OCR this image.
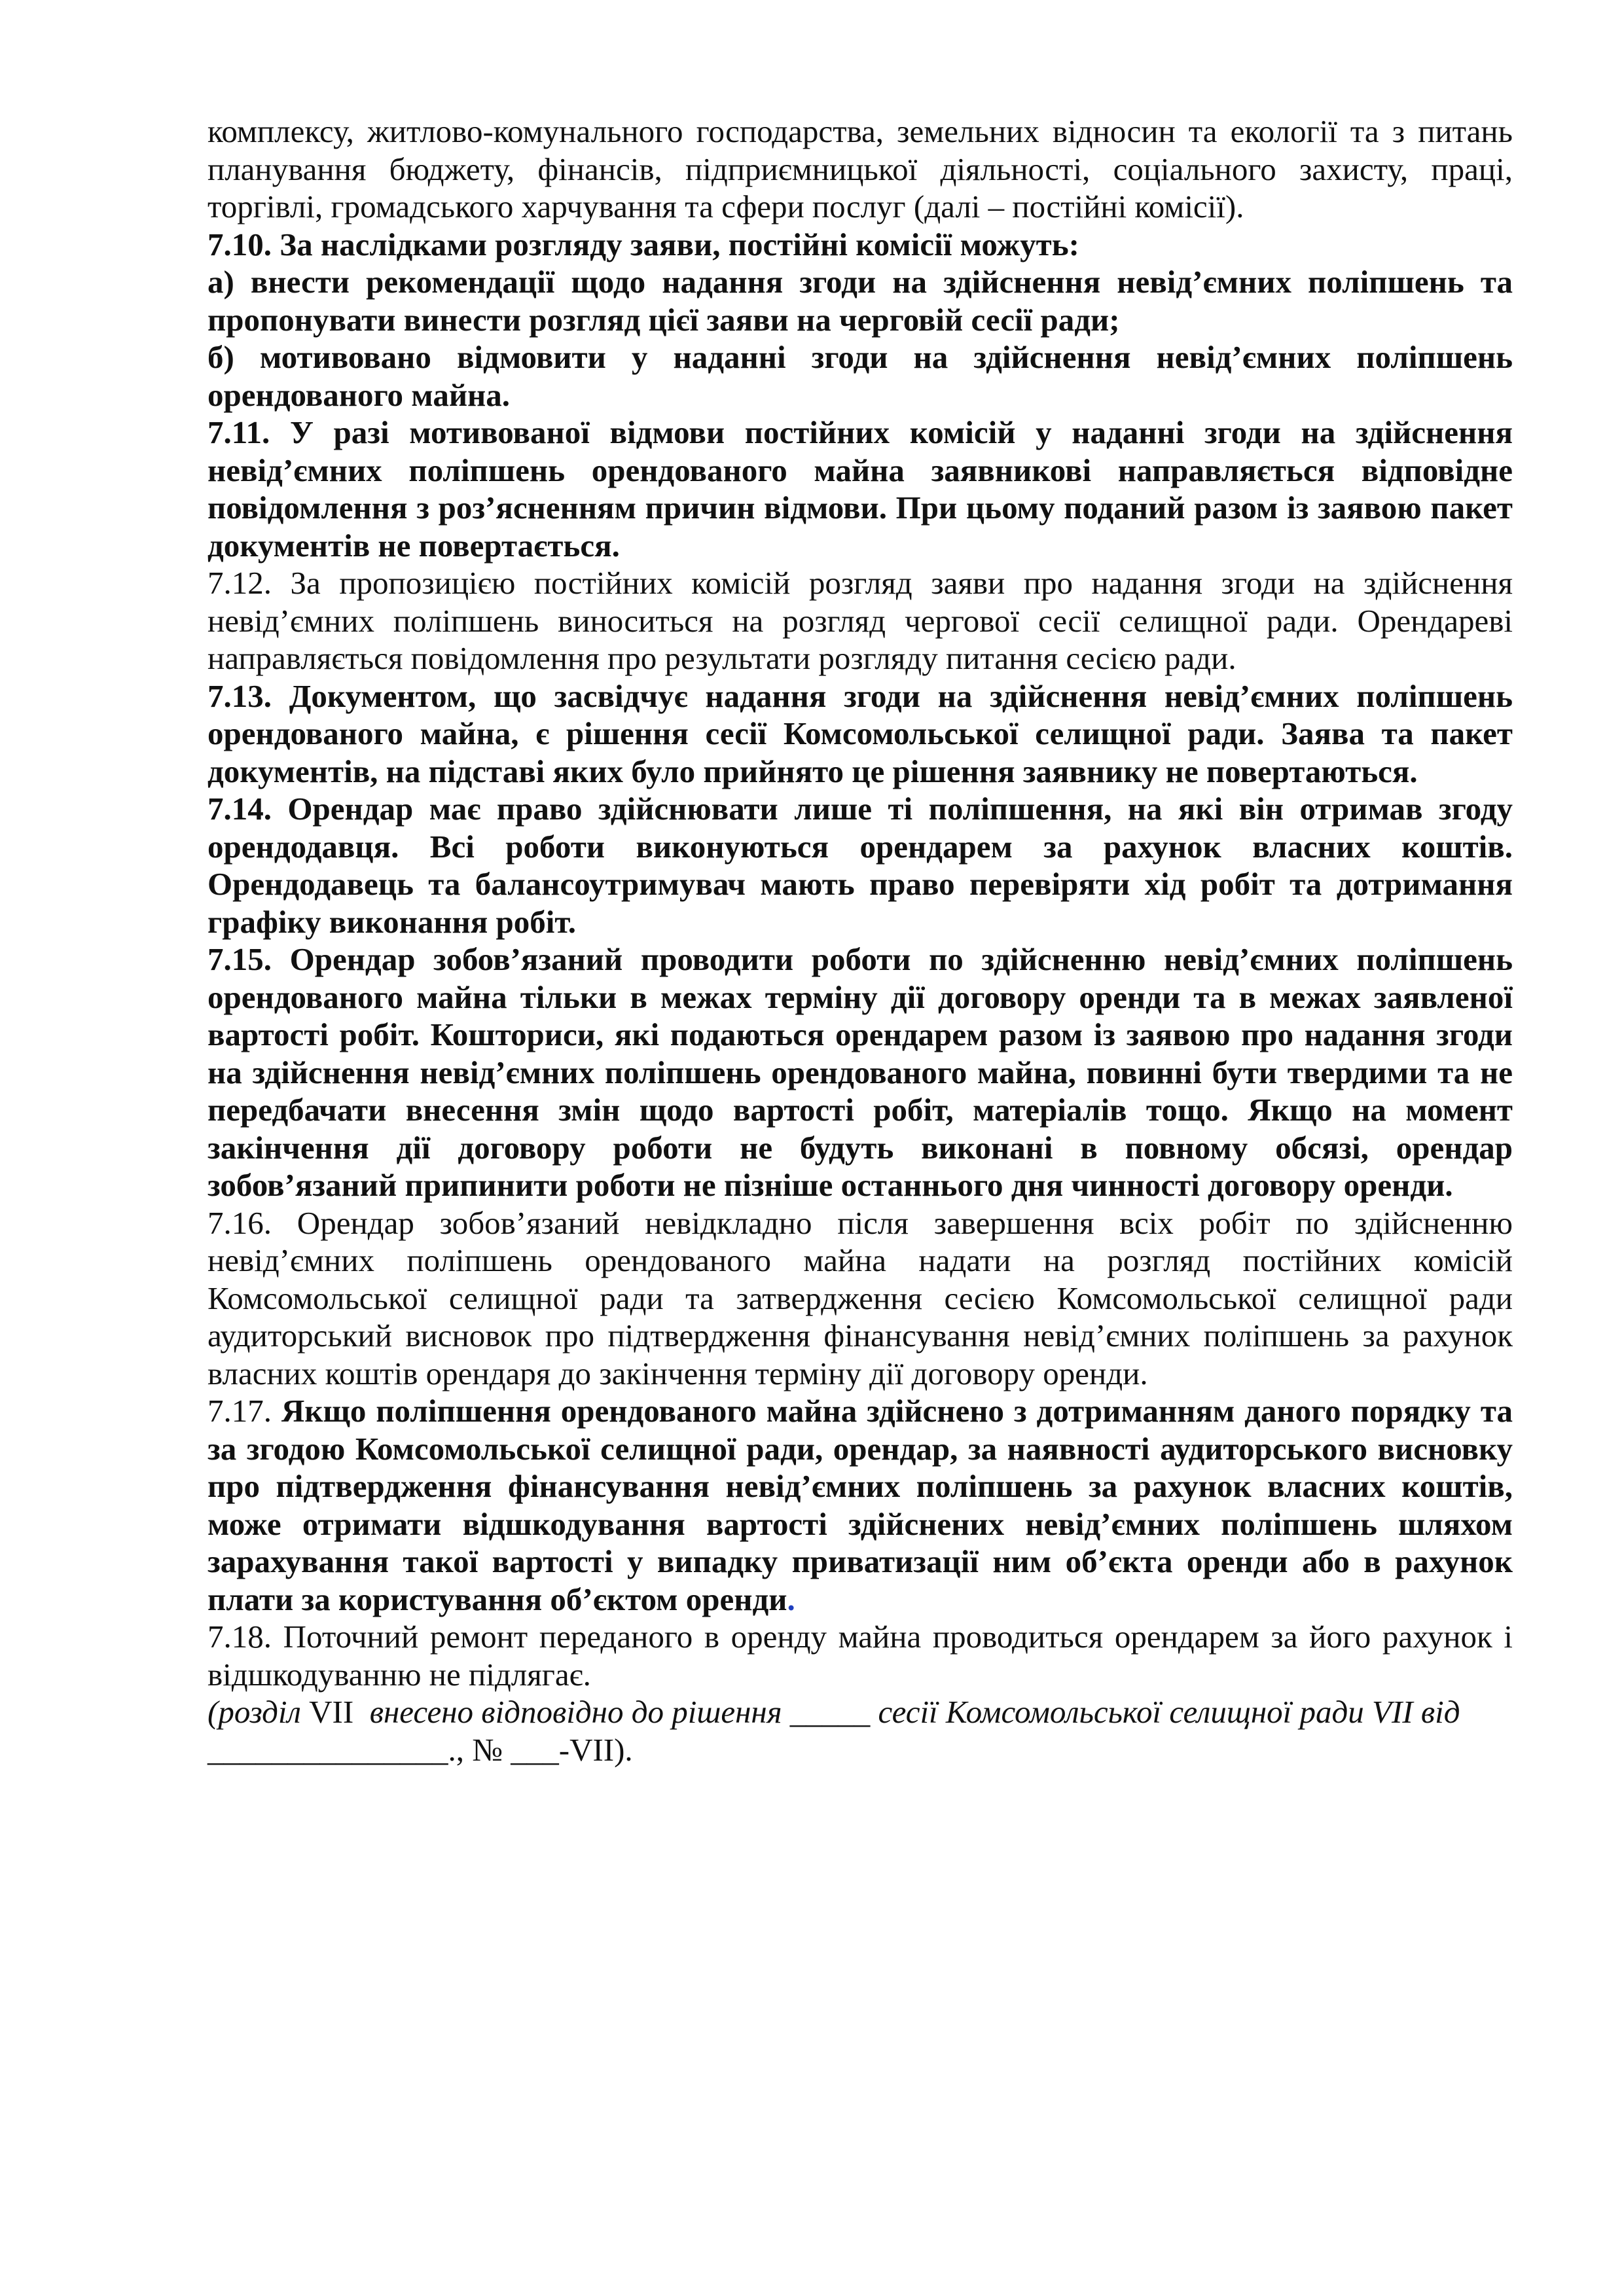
комплексу, житлово-комунального господарства, земельних відносин та екології та з питань планування бюджету, фінансів, підприємницької діяльності, соціального захисту, праці, торгівлі, громадського харчування та сфери послуг (далі – постійні комісії).

7.10. За наслідками розгляду заяви, постійні комісії можуть:

а) внести рекомендації щодо надання згоди на здійснення невід’ємних поліпшень та пропонувати винести розгляд цієї заяви на черговій сесії ради;

б) мотивовано відмовити у наданні згоди на здійснення невід’ємних поліпшень орендованого майна.

7.11. У разі мотивованої відмови постійних комісій у наданні згоди на здійснення невід’ємних поліпшень орендованого майна заявникові направляється відповідне повідомлення з роз’ясненням причин відмови. При цьому поданий разом із заявою пакет документів не повертається.

7.12. За пропозицією постійних комісій розгляд заяви про надання згоди на здійснення невід’ємних поліпшень виноситься на розгляд чергової сесії селищної ради. Орендареві направляється повідомлення про результати розгляду питання сесією ради.

7.13. Документом, що засвідчує надання згоди на здійснення невід’ємних поліпшень орендованого майна, є рішення сесії Комсомольської селищної ради. Заява та пакет документів, на підставі яких було прийнято це рішення заявнику не повертаються.

7.14. Орендар має право здійснювати лише ті поліпшення, на які він отримав згоду орендодавця. Всі роботи виконуються орендарем за рахунок власних коштів. Орендодавець та балансоутримувач мають право перевіряти хід робіт та дотримання графіку виконання робіт.

7.15. Орендар зобов’язаний проводити роботи по здійсненню невід’ємних поліпшень орендованого майна тільки в межах терміну дії договору оренди та в межах заявленої вартості робіт. Кошториси, які подаються орендарем разом із заявою про надання згоди на здійснення невід’ємних поліпшень орендованого майна, повинні бути твердими та не передбачати внесення змін щодо вартості робіт, матеріалів тощо. Якщо на момент закінчення дії договору роботи не будуть виконані в повному обсязі, орендар зобов’язаний припинити роботи не пізніше останнього дня чинності договору оренди.

7.16. Орендар зобов’язаний невідкладно після завершення всіх робіт по здійсненню невід’ємних поліпшень орендованого майна надати на розгляд постійних комісій Комсомольської селищної ради та затвердження сесією Комсомольської селищної ради аудиторський висновок про підтвердження фінансування невід’ємних поліпшень за рахунок власних коштів орендаря до закінчення терміну дії договору оренди.

7.17. Якщо поліпшення орендованого майна здійснено з дотриманням даного порядку та за згодою Комсомольської селищної ради, орендар, за наявності аудиторського висновку про підтвердження фінансування невід’ємних поліпшень за рахунок власних коштів, може отримати відшкодування вартості здійснених невід’ємних поліпшень шляхом зарахування такої вартості у випадку приватизації ним об’єкта оренди або в рахунок плати за користування об’єктом оренди.

7.18. Поточний ремонт переданого в оренду майна проводиться орендарем за його рахунок і відшкодуванню не підлягає.

(розділ VІІ внесено відповідно до рішення _____ сесії Комсомольської селищної ради VII від _______________., № ___-VІІ).
